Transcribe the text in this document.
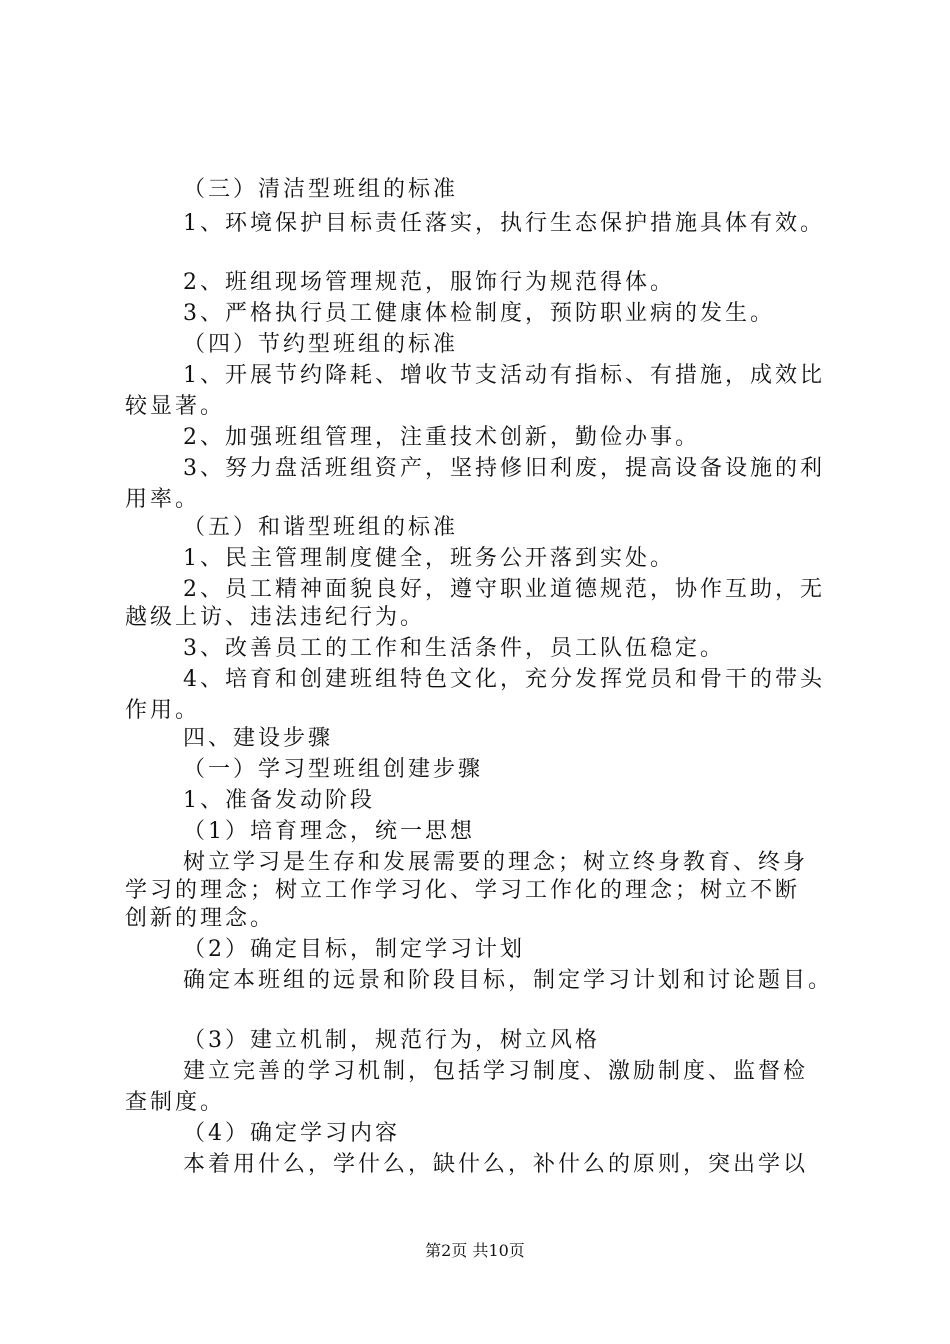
（三）清洁型班组的标准
1、环境保护目标责任落实，执行生态保护措施具体有效。
2、班组现场管理规范，服饰行为规范得体。
3、严格执行员工健康体检制度，预防职业病的发生。
（四）节约型班组的标准
1、开展节约降耗、增收节支活动有指标、有措施，成效比
较显著。
2、加强班组管理，注重技术创新，勤俭办事。
3、努力盘活班组资产，坚持修旧利废，提高设备设施的利
用率。
（五）和谐型班组的标准
1、民主管理制度健全，班务公开落到实处。
2、员工精神面貌良好，遵守职业道德规范，协作互助，无
越级上访、违法违纪行为。
3、改善员工的工作和生活条件，员工队伍稳定。
4、培育和创建班组特色文化，充分发挥党员和骨干的带头
作用。
四、建设步骤
（一）学习型班组创建步骤
1、准备发动阶段
（1）培育理念，统一思想
树立学习是生存和发展需要的理念；树立终身教育、终身
学习的理念；树立工作学习化、学习工作化的理念；树立不断
创新的理念。
（2）确定目标，制定学习计划
确定本班组的远景和阶段目标，制定学习计划和讨论题目。
（3）建立机制，规范行为，树立风格
建立完善的学习机制，包括学习制度、激励制度、监督检
查制度。
（4）确定学习内容
本着用什么，学什么，缺什么，补什么的原则，突出学以
第2页 共10页
